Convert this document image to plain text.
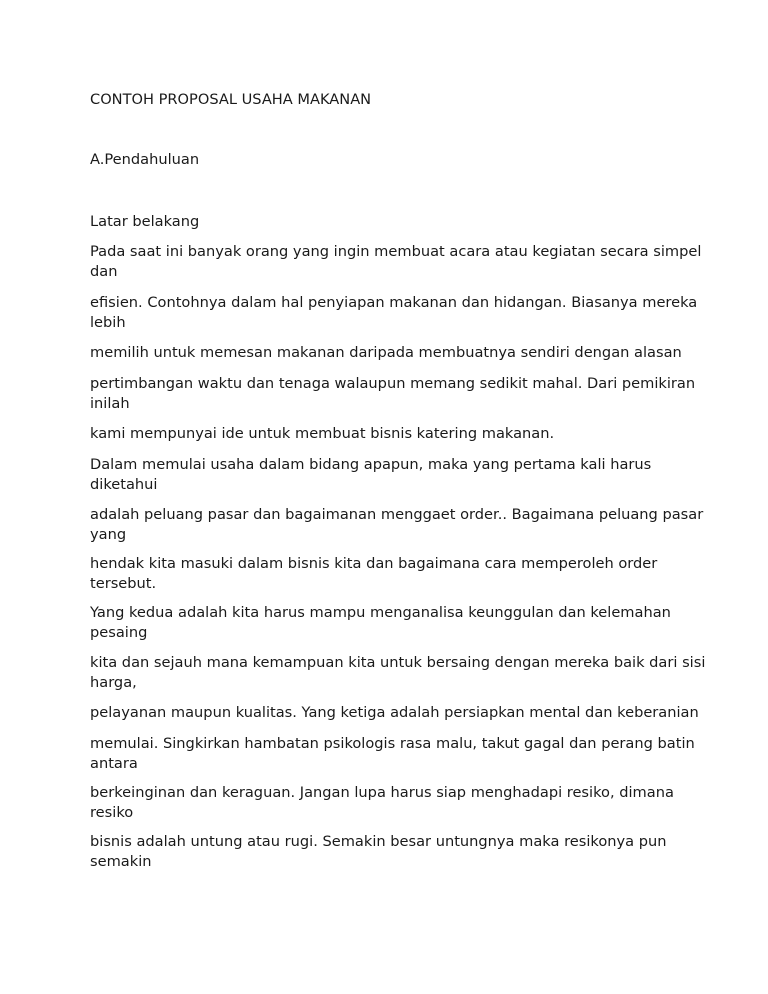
CONTOH PROPOSAL USAHA MAKANAN
A.Pendahuluan
Latar belakang
Pada saat ini banyak orang yang ingin membuat acara atau kegiatan secara simpel
dan
efisien. Contohnya dalam hal penyiapan makanan dan hidangan. Biasanya mereka
lebih
memilih untuk memesan makanan daripada membuatnya sendiri dengan alasan
pertimbangan waktu dan tenaga walaupun memang sedikit mahal. Dari pemikiran
inilah
kami mempunyai ide untuk membuat bisnis katering makanan.
Dalam memulai usaha dalam bidang apapun, maka yang pertama kali harus
diketahui
adalah peluang pasar dan bagaimanan menggaet order.. Bagaimana peluang pasar
yang
hendak kita masuki dalam bisnis kita dan bagaimana cara memperoleh order
tersebut.
Yang kedua adalah kita harus mampu menganalisa keunggulan dan kelemahan
pesaing
kita dan sejauh mana kemampuan kita untuk bersaing dengan mereka baik dari sisi
harga,
pelayanan maupun kualitas. Yang ketiga adalah persiapkan mental dan keberanian
memulai. Singkirkan hambatan psikologis rasa malu, takut gagal dan perang batin
antara
berkeinginan dan keraguan. Jangan lupa harus siap menghadapi resiko, dimana
resiko
bisnis adalah untung atau rugi. Semakin besar untungnya maka resikonya pun
semakin
